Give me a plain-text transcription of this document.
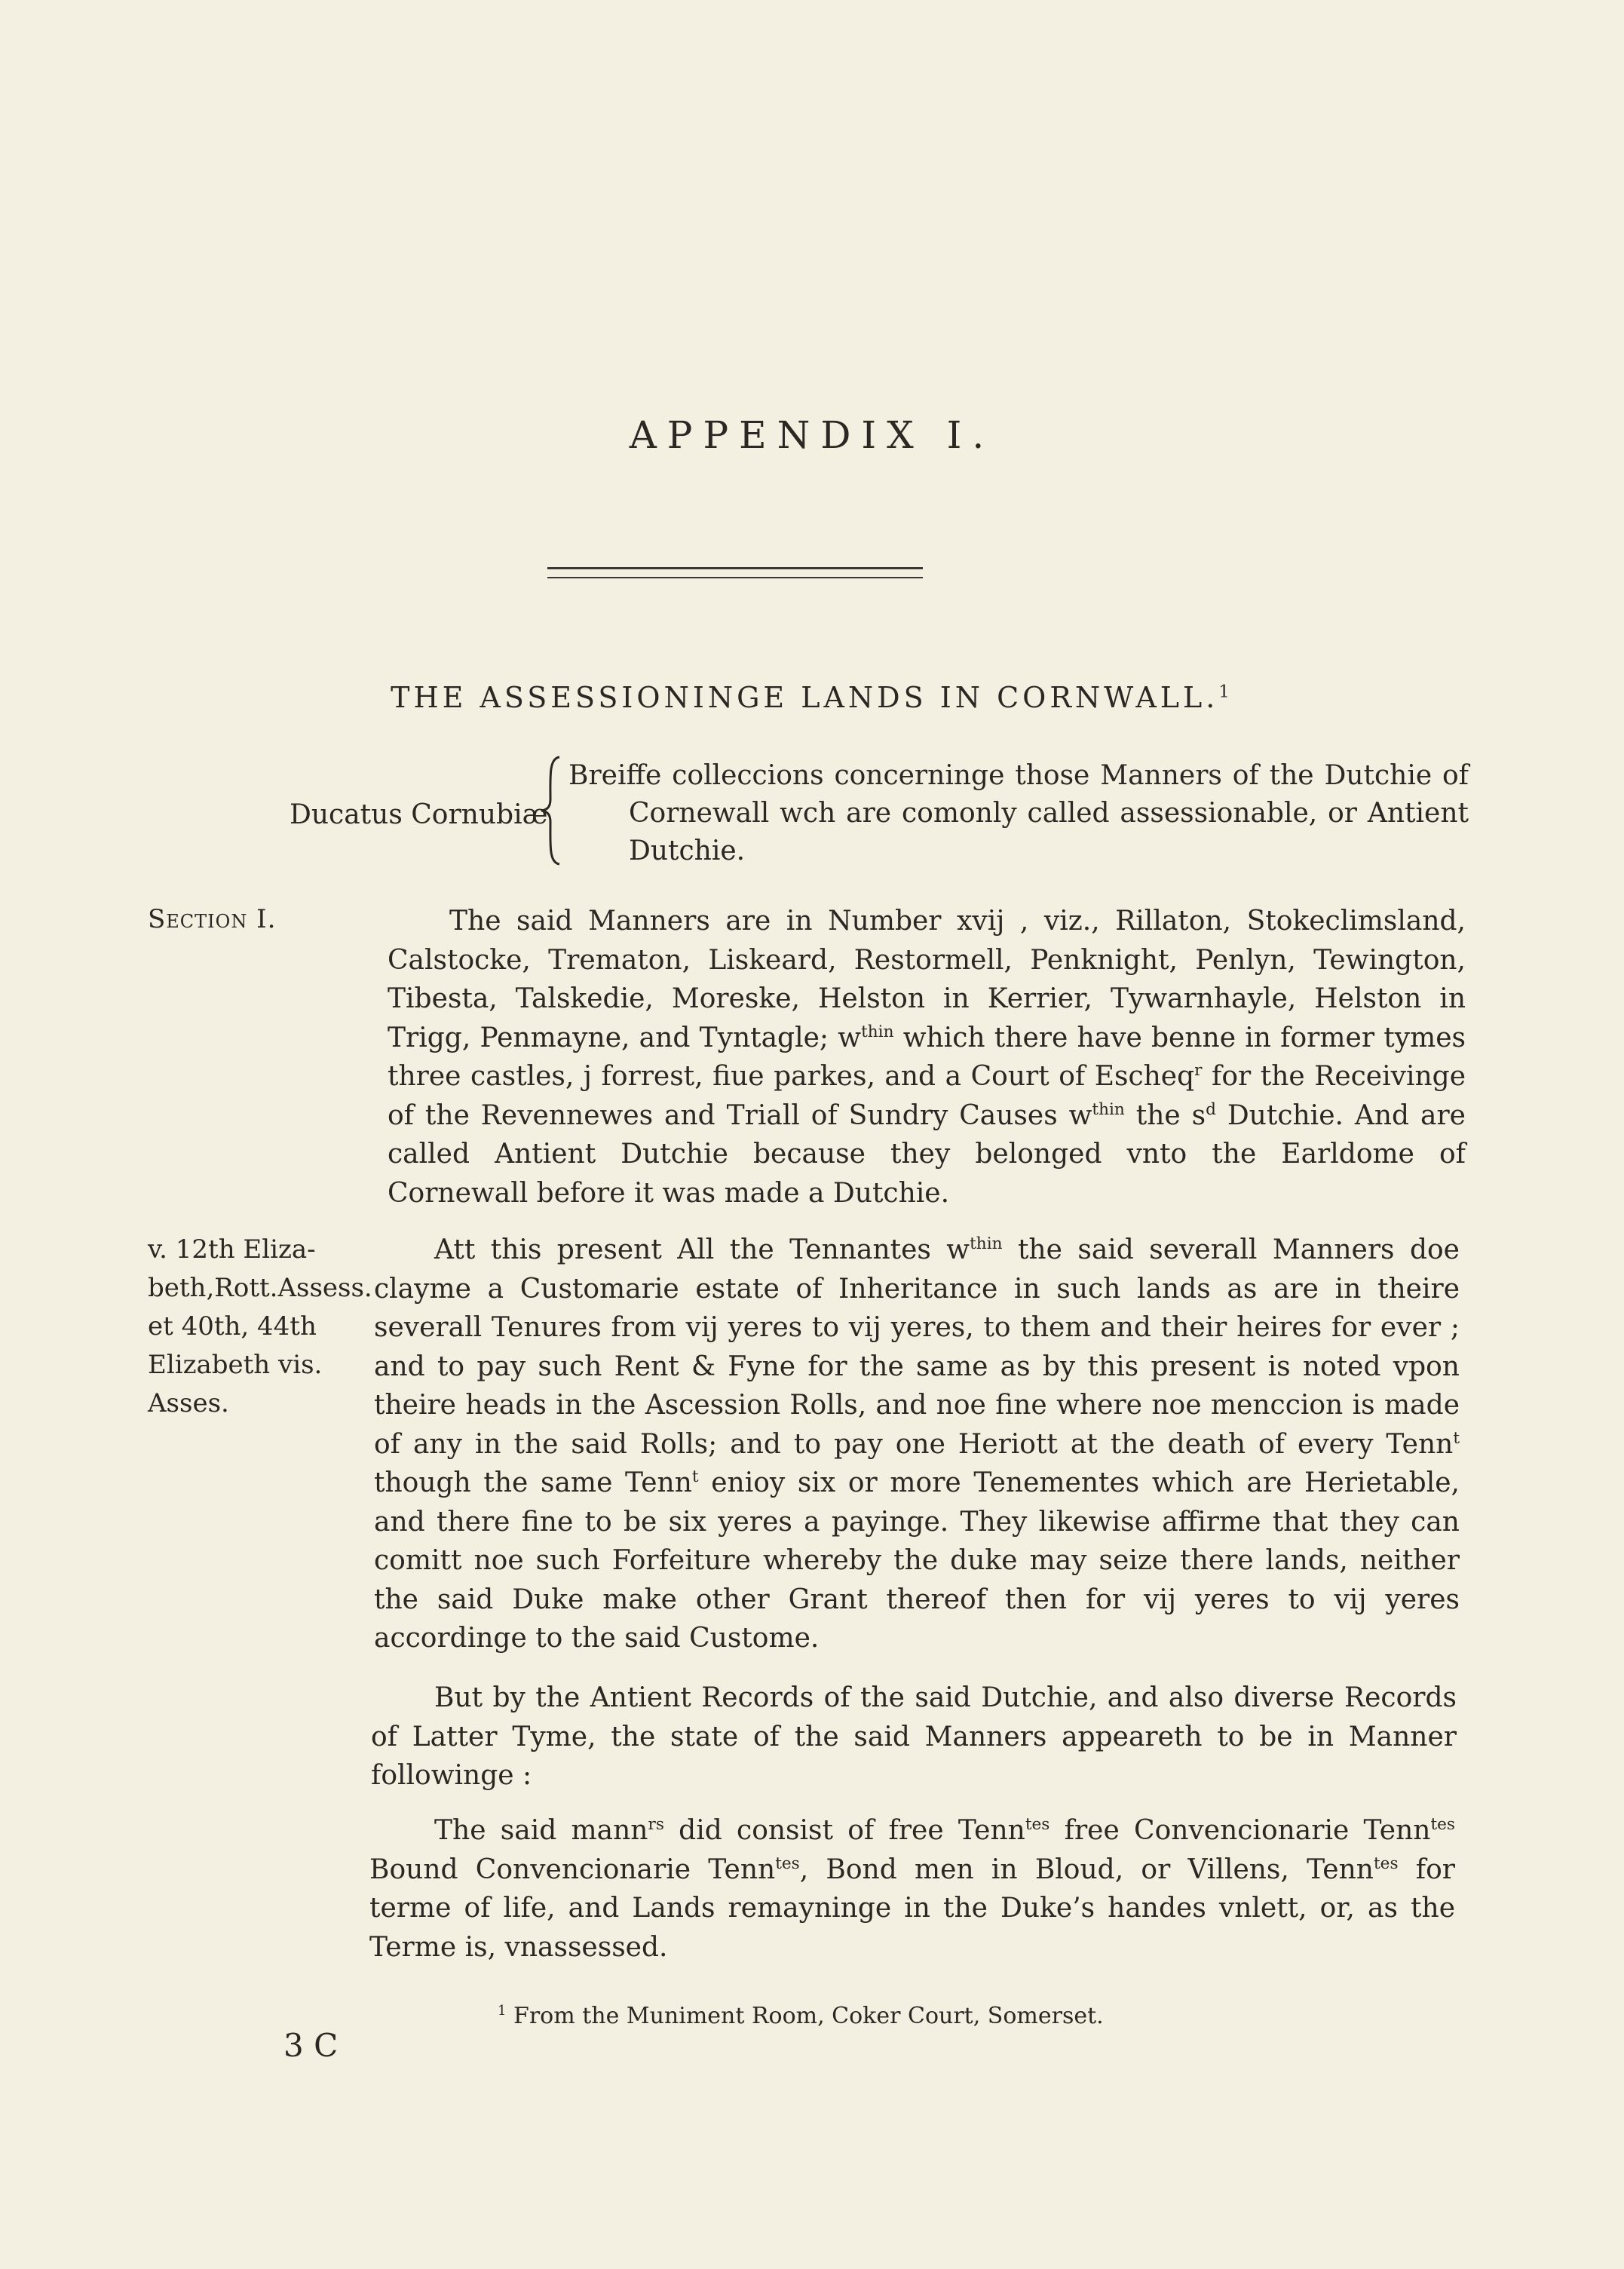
APPENDIX I.
THE ASSESSIONINGE LANDS IN CORNWALL.$^1$
Ducatus Cornubiæ
Breiffe colleccions concerninge those Manners of the Dutchie of
Cornewall wch are comonly called assessionable, or Antient
Dutchie.
Section I.	The said Manners are in Number xvij , viz., Rillaton, Stokeclimsland, Calstocke, Trematon, Liskeard, Restormell, Penknight, Penlyn, Tewington, Tibesta, Talskedie, Moreske, Helston in Kerrier, Tywarnhayle, Helston in Trigg, Penmayne, and Tyntagle; $w^{thin}$ which there have benne in former tymes three castles, j forrest, fiue parkes, and a Court of Escheq$^r$ for the Receivinge of the Revennewes and Triall of Sundry Causes $w^{thin}$ the $s^d$ Dutchie. And are called Antient Dutchie because they belonged vnto the Earldome of Cornewall before it was made a Dutchie.

v. 12th Eliza-
beth,Rott.Assess.
et 40th, 44th
Elizabeth vis.
Asses.

Att this present All the Tennantes $w^{thin}$ the said severall Manners doe clayme a Customarie estate of Inheritance in such lands as are in theire severall Tenures from vij yeres to vij yeres, to them and their heires for ever ; and to pay such Rent & Fyne for the same as by this present is noted vpon theire heads in the Ascession Rolls, and noe fine where noe menccion is made of any in the said Rolls; and to pay one Heriott at the death of every Tenn$^t$ though the same Tenn$^t$ enioy six or more Tenementes which are Herietable, and there fine to be six yeres a payinge. They likewise affirme that they can comitt noe such Forfeiture whereby the duke may seize there lands, neither the said Duke make other Grant thereof then for vij yeres to vij yeres accordinge to the said Custome.

But by the Antient Records of the said Dutchie, and also diverse Records of Latter Tyme, the state of the said Manners appeareth to be in Manner followinge :

The said mann$^{rs}$ did consist of free Tenn$^{tes}$ free Convencionarie Tenn$^{tes}$ Bound Convencionarie Tenn$^{tes}$, Bond men in Bloud, or Villens, Tenn$^{tes}$ for terme of life, and Lands remayninge in the Duke’s handes vnlett, or, as the Terme is, vnassessed.

$^1$ From the Muniment Room, Coker Court, Somerset.
3 C
